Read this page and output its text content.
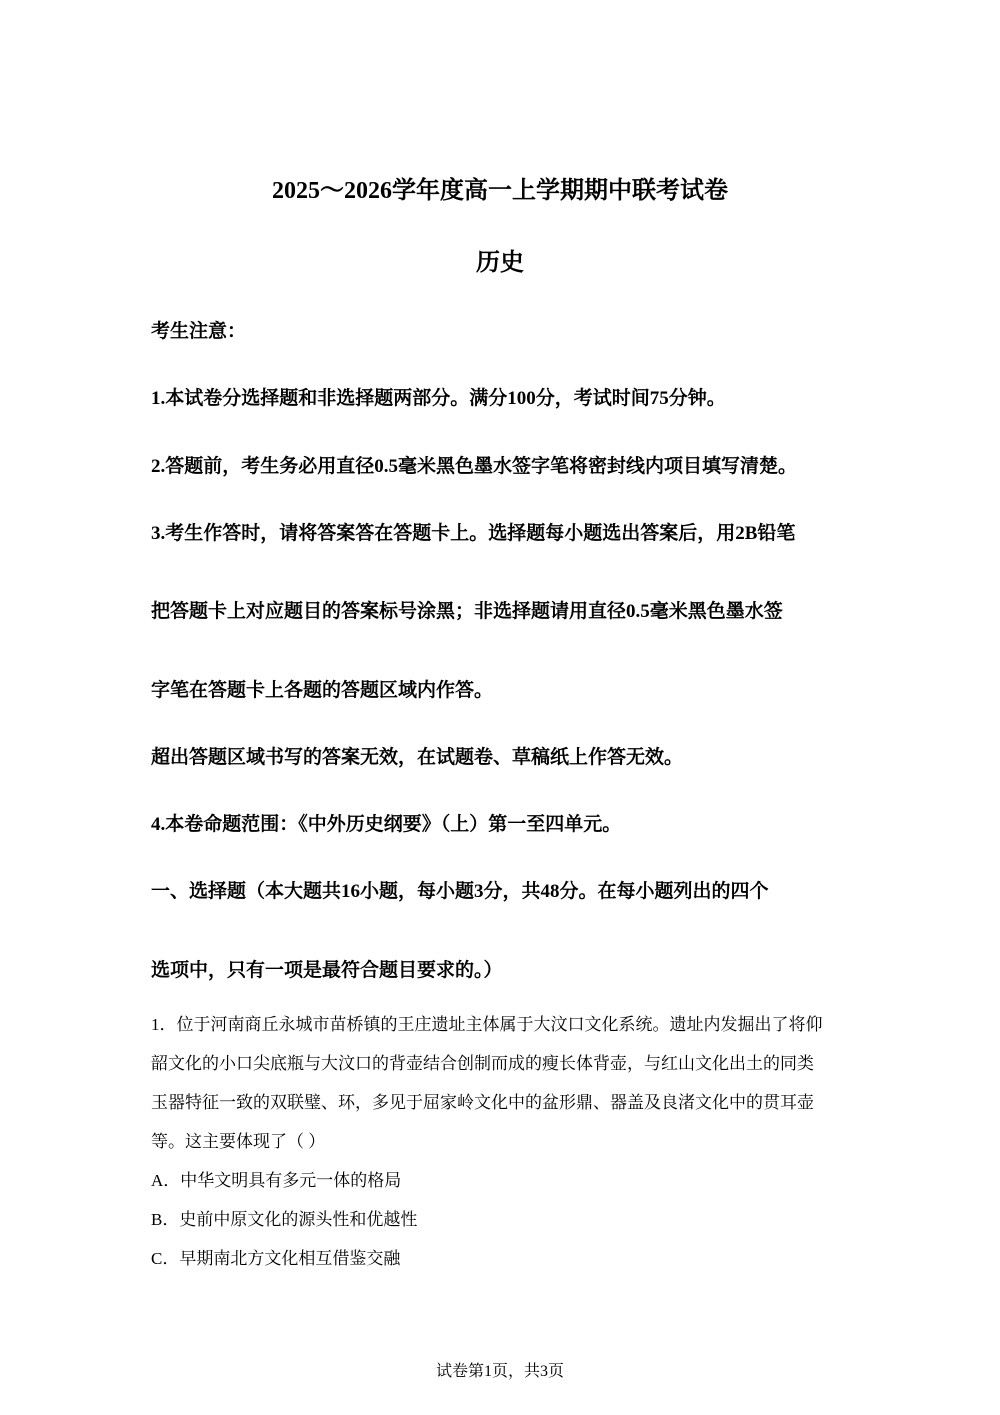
2025～2026学年度高一上学期期中联考试卷
历史
考生注意：
1.本试卷分选择题和非选择题两部分。满分100分，考试时间75分钟。
2.答题前，考生务必用直径0.5毫米黑色墨水签字笔将密封线内项目填写清楚。
3.考生作答时，请将答案答在答题卡上。选择题每小题选出答案后，用2B铅笔
把答题卡上对应题目的答案标号涂黑；非选择题请用直径0.5毫米黑色墨水签
字笔在答题卡上各题的答题区域内作答。
超出答题区域书写的答案无效，在试题卷、草稿纸上作答无效。
4.本卷命题范围：《中外历史纲要》（上）第一至四单元。
一、选择题（本大题共16小题，每小题3分，共48分。在每小题列出的四个
选项中，只有一项是最符合题目要求的。）
1．位于河南商丘永城市苗桥镇的王庄遗址主体属于大汶口文化系统。遗址内发掘出了将仰
韶文化的小口尖底瓶与大汶口的背壶结合创制而成的瘦长体背壶，与红山文化出土的同类
玉器特征一致的双联璧、环，多见于屈家岭文化中的盆形鼎、器盖及良渚文化中的贯耳壶
等。这主要体现了（ ）
A．中华文明具有多元一体的格局
B．史前中原文化的源头性和优越性
C．早期南北方文化相互借鉴交融
试卷第1页，共3页
